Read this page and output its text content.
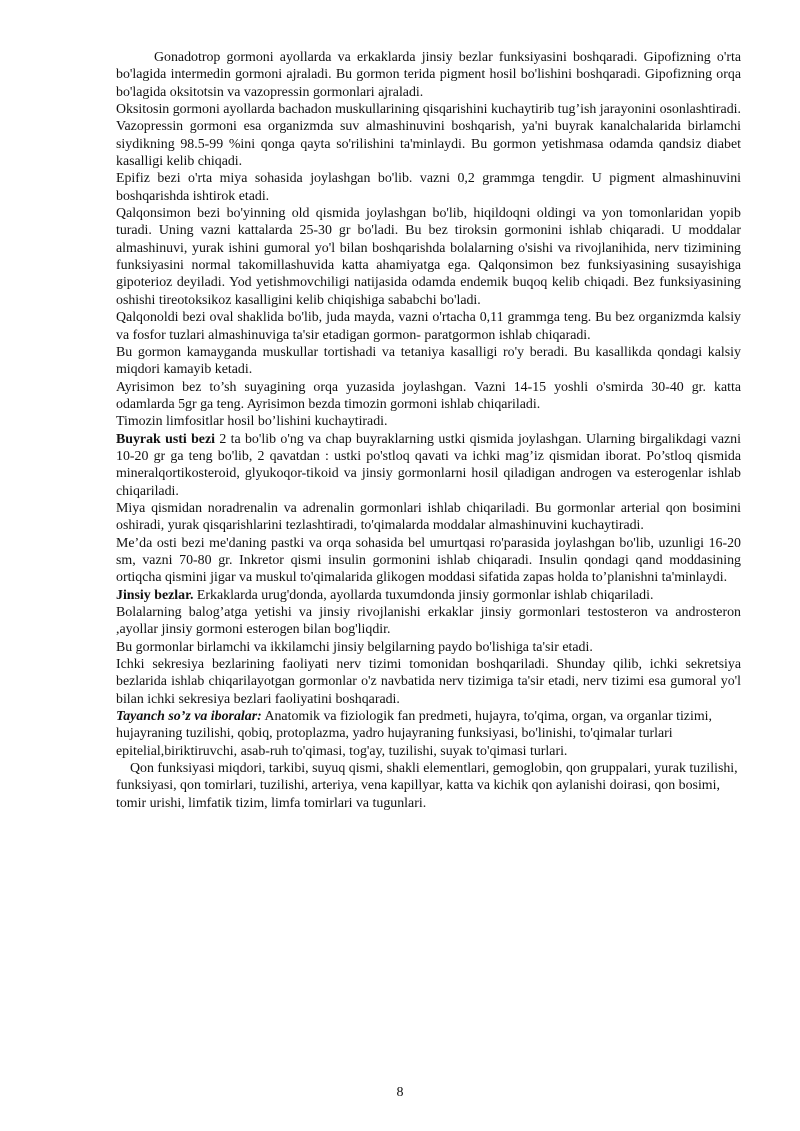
Gonadotrop gormoni ayollarda va erkaklarda jinsiy bezlar funksiyasini boshqaradi. Gipofizning o'rta bo'lagida intermedin gormoni ajraladi. Bu gormon terida pigment hosil bo'lishini boshqaradi. Gipofizning orqa bo'lagida oksitotsin va vazopressin gormonlari ajraladi.

Oksitosin gormoni ayollarda bachadon muskullarining qisqarishini kuchaytirib tug’ish jarayonini osonlashtiradi.

Vazopressin gormoni esa organizmda suv almashinuvini boshqarish, ya'ni buyrak kanalchalarida birlamchi siydikning 98.5-99 %ini qonga qayta so'rilishini ta'minlaydi. Bu gormon yetishmasa odamda qandsiz diabet kasalligi kelib chiqadi.

Epifiz bezi o'rta miya sohasida joylashgan bo'lib. vazni 0,2 grammga tengdir. U pigment almashinuvini boshqarishda ishtirok etadi.

Qalqonsimon bezi bo'yinning old qismida joylashgan bo'lib, hiqildoqni oldingi va yon tomonlaridan yopib turadi. Uning vazni kattalarda 25-30 gr bo'ladi. Bu bez tiroksin gormonini ishlab chiqaradi. U moddalar almashinuvi, yurak ishini gumoral yo'l bilan boshqarishda bolalarning o'sishi va rivojlanihida, nerv tizimining funksiyasini normal takomillashuvida katta ahamiyatga ega. Qalqonsimon bez funksiyasining susayishiga gipoterioz deyiladi. Yod yetishmovchiligi natijasida odamda endemik buqoq kelib chiqadi. Bez funksiyasining oshishi tireotoksikoz kasalligini kelib chiqishiga sababchi bo'ladi.

Qalqonoldi bezi oval shaklida bo'lib, juda mayda, vazni o'rtacha 0,11 grammga teng. Bu bez organizmda kalsiy va fosfor tuzlari almashinuviga ta'sir etadigan gormon- paratgormon ishlab chiqaradi.

Bu gormon kamayganda muskullar tortishadi va tetaniya kasalligi ro'y beradi. Bu kasallikda qondagi kalsiy miqdori kamayib ketadi.

Ayrisimon bez to’sh suyagining orqa yuzasida joylashgan. Vazni 14-15 yoshli o'smirda 30-40 gr. katta odamlarda 5gr ga teng. Ayrisimon bezda timozin gormoni ishlab chiqariladi.

Timozin limfositlar hosil bo’lishini kuchaytiradi.

Buyrak usti bezi 2 ta bo'lib o'ng va chap buyraklarning ustki qismida joylashgan. Ularning birgalikdagi vazni 10-20 gr ga teng bo'lib, 2 qavatdan : ustki po'stloq qavati va ichki mag’iz qismidan iborat. Po’stloq qismida mineralqortikosteroid, glyukoqor-tikoid va jinsiy gormonlarni hosil qiladigan androgen va esterogenlar ishlab chiqariladi.

Miya qismidan noradrenalin va adrenalin gormonlari ishlab chiqariladi. Bu gormonlar arterial qon bosimini oshiradi, yurak qisqarishlarini tezlashtiradi, to'qimalarda moddalar almashinuvini kuchaytiradi.

Me’da osti bezi me'daning pastki va orqa sohasida bel umurtqasi ro'parasida joylashgan bo'lib, uzunligi 16-20 sm, vazni 70-80 gr. Inkretor qismi insulin gormonini ishlab chiqaradi. Insulin qondagi qand moddasining ortiqcha qismini jigar va muskul to'qimalarida glikogen moddasi sifatida zapas holda to’planishni ta'minlaydi.

Jinsiy bezlar. Erkaklarda urug'donda, ayollarda tuxumdonda jinsiy gormonlar ishlab chiqariladi.

Bolalarning balog’atga yetishi va jinsiy rivojlanishi erkaklar jinsiy gormonlari testosteron va androsteron ,ayollar jinsiy gormoni esterogen bilan bog'liqdir.

Bu gormonlar birlamchi va ikkilamchi jinsiy belgilarning paydo bo'lishiga ta'sir etadi.

Ichki sekresiya bezlarining faoliyati nerv tizimi tomonidan boshqariladi. Shunday qilib, ichki sekretsiya bezlarida ishlab chiqarilayotgan gormonlar o'z navbatida nerv tizimiga ta'sir etadi, nerv tizimi esa gumoral yo'l bilan ichki sekresiya bezlari faoliyatini boshqaradi.

Tayanch so’z va iboralar: Anatomik va fiziologik fan predmeti, hujayra, to'qima, organ, va organlar tizimi, hujayraning tuzilishi, qobiq, protoplazma, yadro hujayraning funksiyasi, bo'linishi, to'qimalar turlari epitelial,biriktiruvchi, asab-ruh to'qimasi, tog'ay, tuzilishi, suyak to'qimasi turlari.

Qon funksiyasi miqdori, tarkibi, suyuq qismi, shakli elementlari, gemoglobin, qon gruppalari, yurak tuzilishi, funksiyasi, qon tomirlari, tuzilishi, arteriya, vena kapillyar, katta va kichik qon aylanishi doirasi, qon bosimi, tomir urishi, limfatik tizim, limfa tomirlari va tugunlari.

8
